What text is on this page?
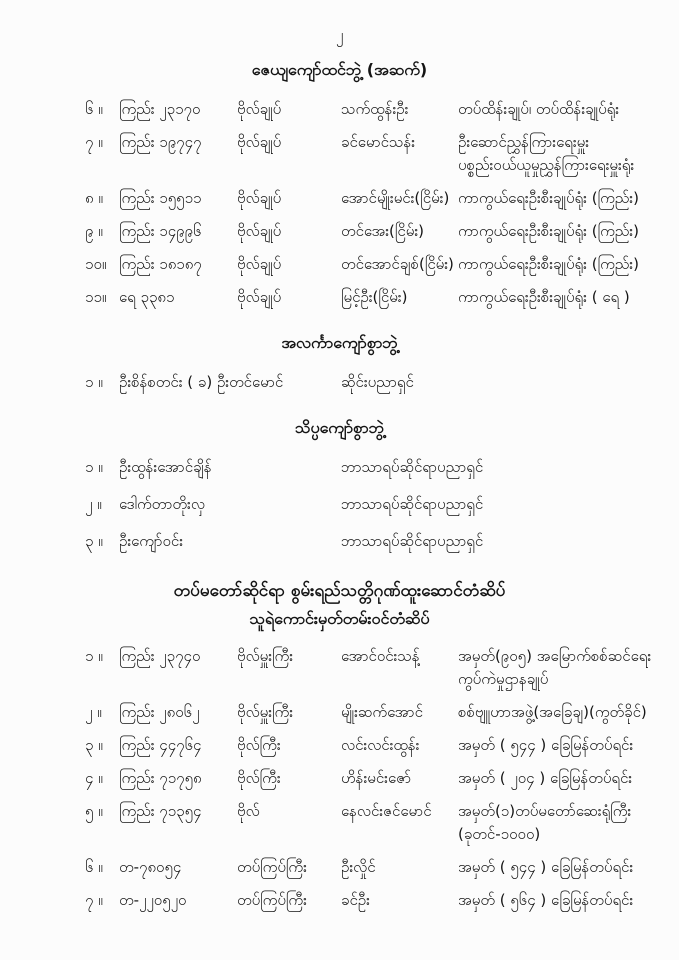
၂
ဇေယျကျော်ထင်ဘွဲ့ (အဆက်)
၆ ။	ကြည်း ၂၃၁၇၀	ဗိုလ်ချုပ်	သက်ထွန်းဦး	တပ်ထိန်းချုပ်၊ တပ်ထိန်းချုပ်ရုံး
၇ ။	ကြည်း ၁၉၇၄၇	ဗိုလ်ချုပ်	ခင်မောင်သန်း	ဦးဆောင်ညွှန်ကြားရေးမှူး
ပစ္စည်းဝယ်ယူမှုညွှန်ကြားရေးမှူးရုံး
၈ ။	ကြည်း ၁၅၅၁၁	ဗိုလ်ချုပ်	အောင်မျိုးမင်း(ငြိမ်း) ကာကွယ်ရေးဦးစီးချုပ်ရုံး (ကြည်း)
၉ ။	ကြည်း ၁၄၉၉၆	ဗိုလ်ချုပ်	တင်အေး(ငြိမ်း)	ကာကွယ်ရေးဦးစီးချုပ်ရုံး (ကြည်း)
၁၀။ ကြည်း ၁၈၁၈၇	ဗိုလ်ချုပ်	တင်အောင်ချစ်(ငြိမ်း) ကာကွယ်ရေးဦးစီးချုပ်ရုံး (ကြည်း)
၁၁။ ရေ ၃၃၈၁	ဗိုလ်ချုပ်	မြင့်ဦး(ငြိမ်း)	ကာကွယ်ရေးဦးစီးချုပ်ရုံး ( ရေ )
အလင်္ကာကျော်စွာဘွဲ့
၁ ။	ဦးစိန်စတင်း ( ခ) ဦးတင်မောင်	ဆိုင်းပညာရှင်
သိပ္ပကျော်စွာဘွဲ့
၁ ။	ဦးထွန်းအောင်ချိန်	ဘာသာရပ်ဆိုင်ရာပညာရှင်
၂ ။	ဒေါက်တာတိုးလှ	ဘာသာရပ်ဆိုင်ရာပညာရှင်
၃ ။	ဦးကျော်ဝင်း	ဘာသာရပ်ဆိုင်ရာပညာရှင်
တပ်မတော်ဆိုင်ရာ စွမ်းရည်သတ္တိဂုဏ်ထူးဆောင်တံဆိပ်
သူရဲကောင်းမှတ်တမ်းဝင်တံဆိပ်
၁ ။	ကြည်း ၂၃၇၄၀	ဗိုလ်မှူးကြီး	အောင်ဝင်းသန့်	အမှတ်(၉၀၅) အမြောက်စစ်ဆင်ရေး
ကွပ်ကဲမှုဌာနချုပ်
၂ ။	ကြည်း ၂၈၀၆၂	ဗိုလ်မှူးကြီး	မျိုးဆက်အောင်	စစ်ဗျူဟာအဖွဲ့(အခြေချ)(ကွတ်ခိုင်)
၃ ။	ကြည်း ၄၄၇၆၄	ဗိုလ်ကြီး	လင်းလင်းထွန်း	အမှတ် ( ၅၄၄ ) ခြေမြန်တပ်ရင်း
၄ ။	ကြည်း ၇၁၇၅၈	ဗိုလ်ကြီး	ဟိန်းမင်းဇော်	အမှတ် ( ၂၀၄ ) ခြေမြန်တပ်ရင်း
၅ ။	ကြည်း ၇၁၃၅၄	ဗိုလ်	နေလင်းဇင်မောင်	အမှတ်(၁)တပ်မတော်ဆေးရုံကြီး
(ခုတင်-၁၀၀၀)
၆ ။	တ-၇၈၀၅၄	တပ်ကြပ်ကြီး	ဦးလှိုင်	အမှတ် ( ၅၄၄ ) ခြေမြန်တပ်ရင်း
၇ ။	တ-၂၂၀၅၂၀	တပ်ကြပ်ကြီး	ခင်ဦး	အမှတ် ( ၅၆၄ ) ခြေမြန်တပ်ရင်း
